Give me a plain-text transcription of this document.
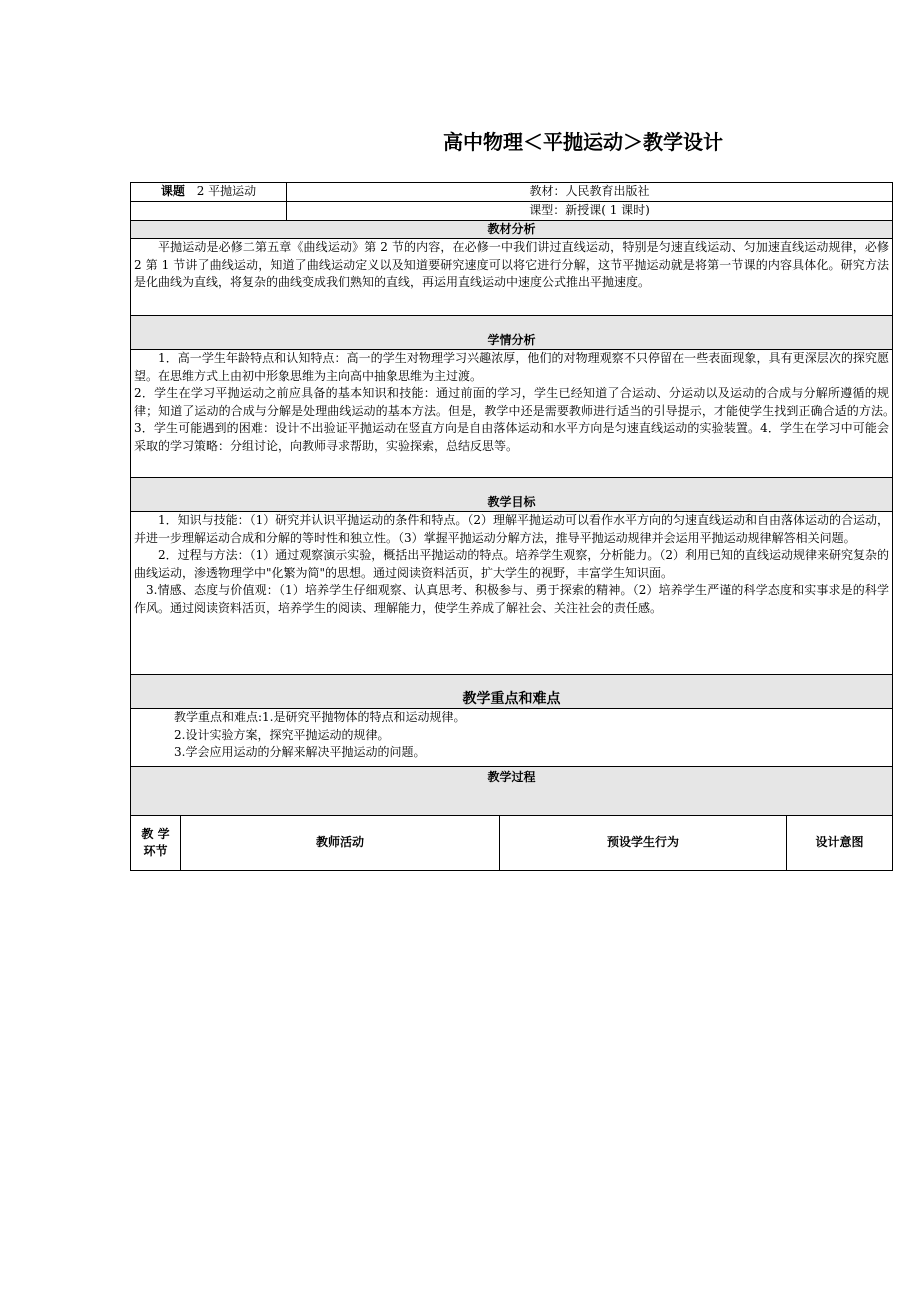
高中物理＜平抛运动＞教学设计
课题 2 平抛运动		教材：人民教育出版社		
		课型：新授课( 1 课时)		
教材分析				

平抛运动是必修二第五章《曲线运动》第 2 节的内容，在必修一中我们讲过直线运动，特别是匀速直线运动、匀加速直线运动规律，必修 2 第 1 节讲了曲线运动，知道了曲线运动定义以及知道要研究速度可以将它进行分解，这节平抛运动就是将第一节课的内容具体化。研究方法是化曲线为直线，将复杂的曲线变成我们熟知的直线，再运用直线运动中速度公式推出平抛速度。				

学情分析				

1．高一学生年龄特点和认知特点：高一的学生对物理学习兴趣浓厚，他们的对物理观察不只停留在一些表面现象，具有更深层次的探究愿望。在思维方式上由初中形象思维为主向高中抽象思维为主过渡。

2．学生在学习平抛运动之前应具备的基本知识和技能：通过前面的学习，学生已经知道了合运动、分运动以及运动的合成与分解所遵循的规律；知道了运动的合成与分解是处理曲线运动的基本方法。但是，教学中还是需要教师进行适当的引导提示，才能使学生找到正确合适的方法。　3．学生可能遇到的困难：设计不出验证平抛运动在竖直方向是自由落体运动和水平方向是匀速直线运动的实验装置。4．学生在学习中可能会采取的学习策略：分组讨论，向教师寻求帮助，实验探索，总结反思等。				

教学目标				

1．知识与技能：（1）研究并认识平抛运动的条件和特点。（2）理解平抛运动可以看作水平方向的匀速直线运动和自由落体运动的合运动，并进一步理解运动合成和分解的等时性和独立性。（3）掌握平抛运动分解方法，推导平抛运动规律并会运用平抛运动规律解答相关问题。

2．过程与方法：（1）通过观察演示实验，概括出平抛运动的特点。培养学生观察，分析能力。（2）利用已知的直线运动规律来研究复杂的曲线运动，渗透物理学中"化繁为简"的思想。通过阅读资料活页，扩大学生的视野，丰富学生知识面。

3.情感、态度与价值观：（1）培养学生仔细观察、认真思考、积极参与、勇于探索的精神。（2）培养学生严谨的科学态度和实事求是的科学作风。通过阅读资料活页，培养学生的阅读、理解能力，使学生养成了解社会、关注社会的责任感。				

教学重点和难点				

教学重点和难点:1.是研究平抛物体的特点和运动规律。

2.设计实验方案，探究平抛运动的规律。

3.学会应用运动的分解来解决平抛运动的问题。				

教学过程				
教 学
环节	教师活动		预设学生行为	设计意图
